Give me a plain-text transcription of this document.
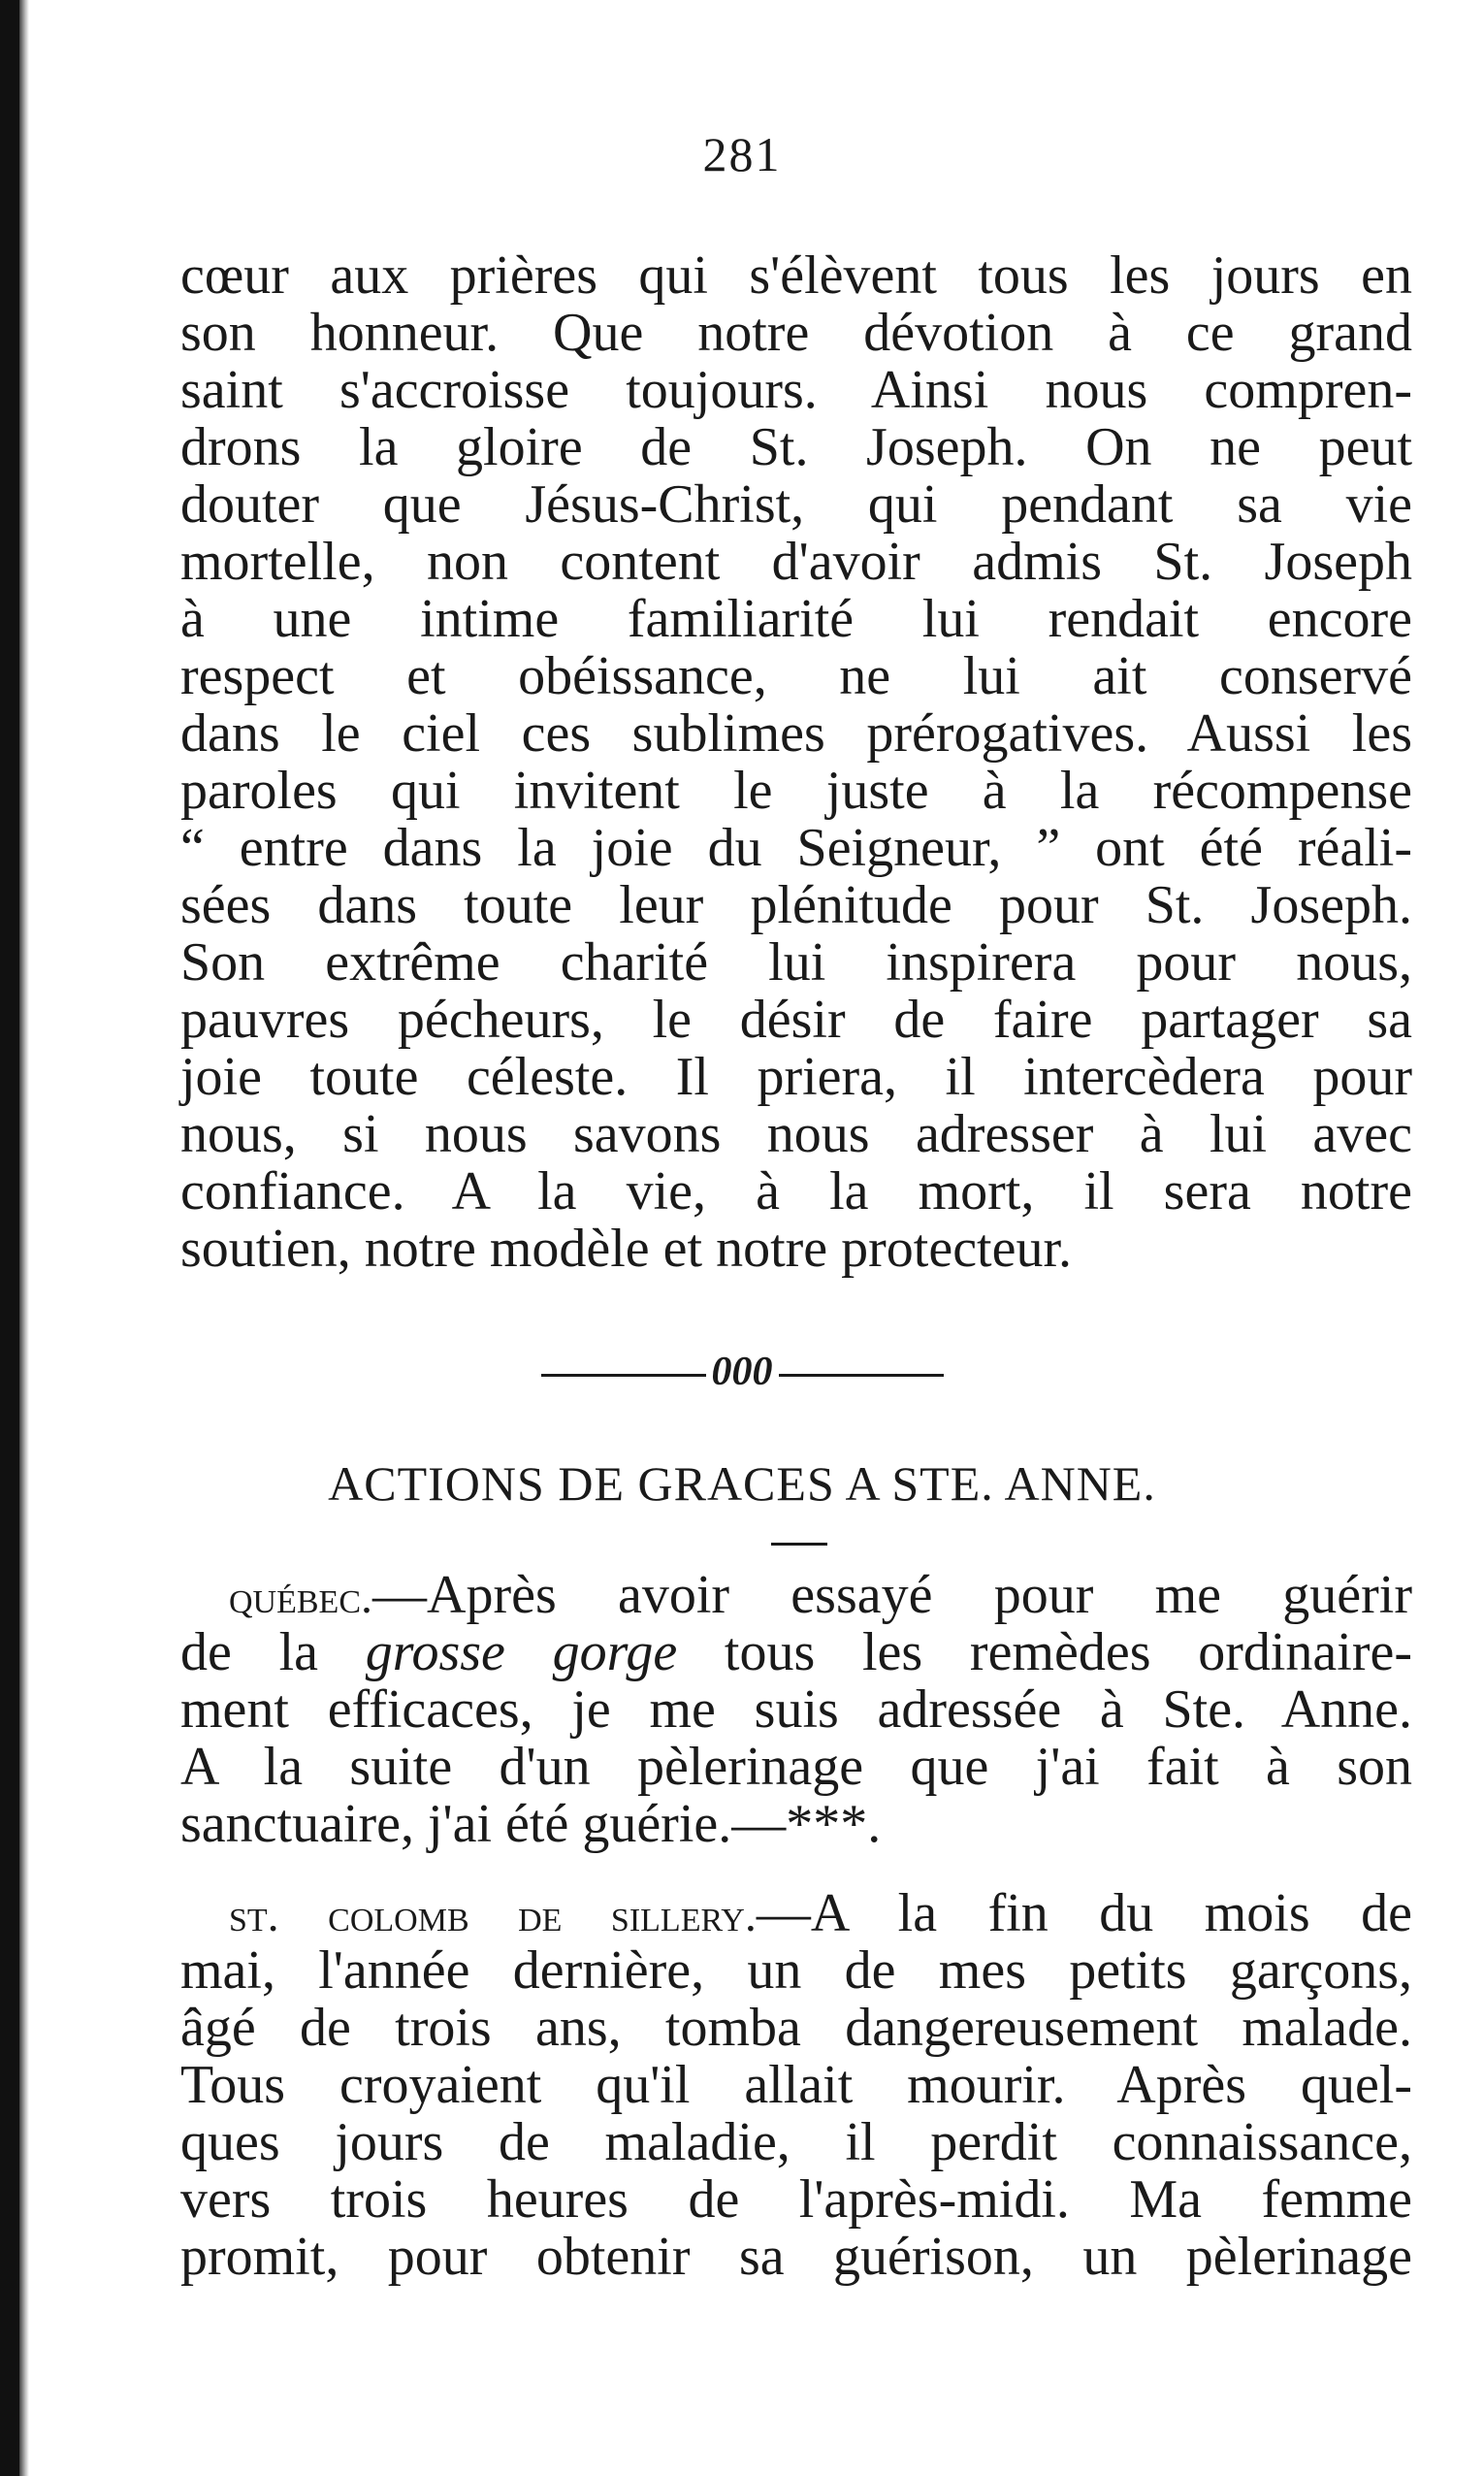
281
cœur aux prières qui s'élèvent tous les jours en
son honneur. Que notre dévotion à ce grand
saint s'accroisse toujours. Ainsi nous compren-
drons la gloire de St. Joseph. On ne peut
douter que Jésus-Christ, qui pendant sa vie
mortelle, non content d'avoir admis St. Joseph
à une intime familiarité lui rendait encore
respect et obéissance, ne lui ait conservé
dans le ciel ces sublimes prérogatives. Aussi les
paroles qui invitent le juste à la récompense
“ entre dans la joie du Seigneur, ” ont été réali-
sées dans toute leur plénitude pour St. Joseph.
Son extrême charité lui inspirera pour nous,
pauvres pécheurs, le désir de faire partager sa
joie toute céleste. Il priera, il intercèdera pour
nous, si nous savons nous adresser à lui avec
confiance. A la vie, à la mort, il sera notre
soutien, notre modèle et notre protecteur.
000
ACTIONS DE GRACES A STE. ANNE.
québec.—Après avoir essayé pour me guérir
de la grosse gorge tous les remèdes ordinaire-
ment efficaces, je me suis adressée à Ste. Anne.
A la suite d'un pèlerinage que j'ai fait à son
sanctuaire, j'ai été guérie.—***.
st. colomb de sillery.—A la fin du mois de
mai, l'année dernière, un de mes petits garçons,
âgé de trois ans, tomba dangereusement malade.
Tous croyaient qu'il allait mourir. Après quel-
ques jours de maladie, il perdit connaissance,
vers trois heures de l'après-midi. Ma femme
promit, pour obtenir sa guérison, un pèlerinage
